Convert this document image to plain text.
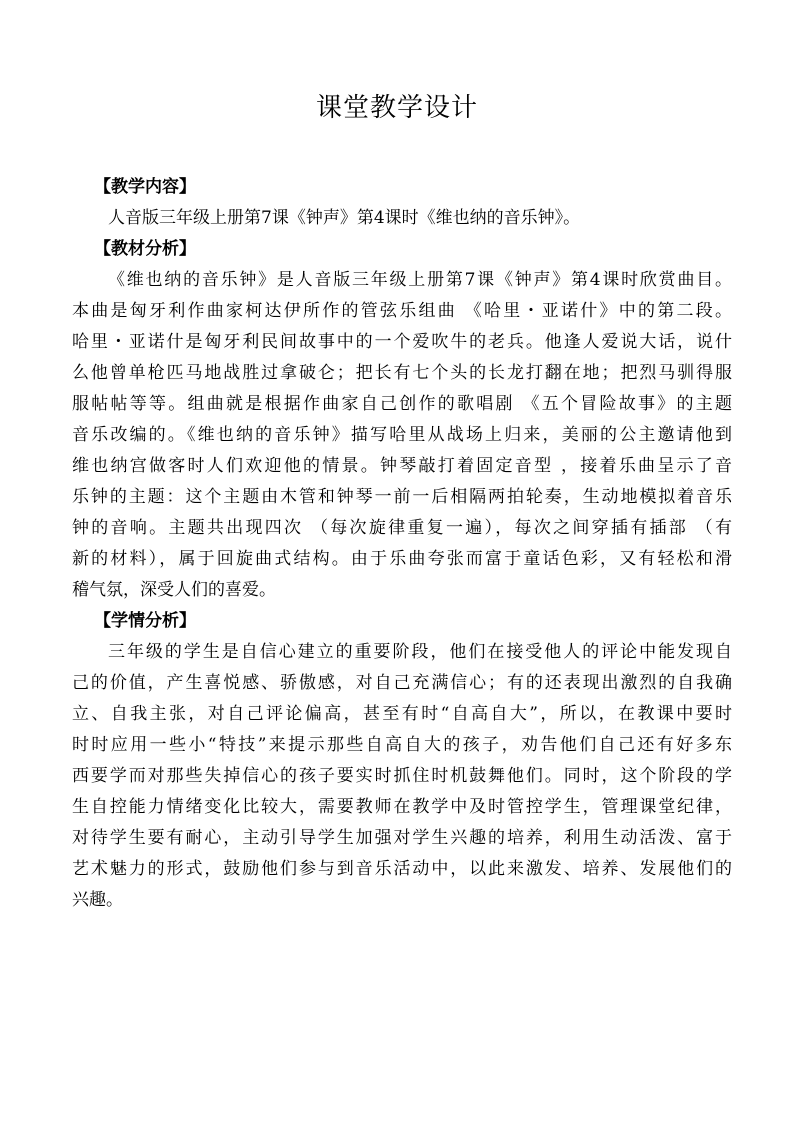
课堂教学设计
【教学内容】
人音版三年级上册第7课《钟声》第4课时《维也纳的音乐钟》。
【教材分析】
《维也纳的音乐钟》是人音版三年级上册第7课《钟声》第4课时欣赏曲目。
本曲是匈牙利作曲家柯达伊所作的管弦乐组曲 《哈里・亚诺什》中的第二段。
哈里・亚诺什是匈牙利民间故事中的一个爱吹牛的老兵。他逢人爱说大话，说什
么他曾单枪匹马地战胜过拿破仑；把长有七个头的长龙打翻在地；把烈马驯得服
服帖帖等等。组曲就是根据作曲家自己创作的歌唱剧 《五个冒险故事》的主题
音乐改编的。《维也纳的音乐钟》描写哈里从战场上归来，美丽的公主邀请他到
维也纳宫做客时人们欢迎他的情景。钟琴敲打着固定音型 ，接着乐曲呈示了音
乐钟的主题：这个主题由木管和钟琴一前一后相隔两拍轮奏，生动地模拟着音乐
钟的音响。主题共出现四次 （每次旋律重复一遍），每次之间穿插有插部 （有
新的材料），属于回旋曲式结构。由于乐曲夸张而富于童话色彩，又有轻松和滑
稽气氛，深受人们的喜爱。
【学情分析】
三年级的学生是自信心建立的重要阶段，他们在接受他人的评论中能发现自
己的价值，产生喜悦感、骄傲感，对自己充满信心；有的还表现出激烈的自我确
立、自我主张，对自己评论偏高，甚至有时“自高自大”，所以，在教课中要时
时时应用一些小“特技”来提示那些自高自大的孩子，劝告他们自己还有好多东
西要学而对那些失掉信心的孩子要实时抓住时机鼓舞他们。同时，这个阶段的学
生自控能力情绪变化比较大，需要教师在教学中及时管控学生，管理课堂纪律，
对待学生要有耐心，主动引导学生加强对学生兴趣的培养，利用生动活泼、富于
艺术魅力的形式，鼓励他们参与到音乐活动中，以此来激发、培养、发展他们的
兴趣。
